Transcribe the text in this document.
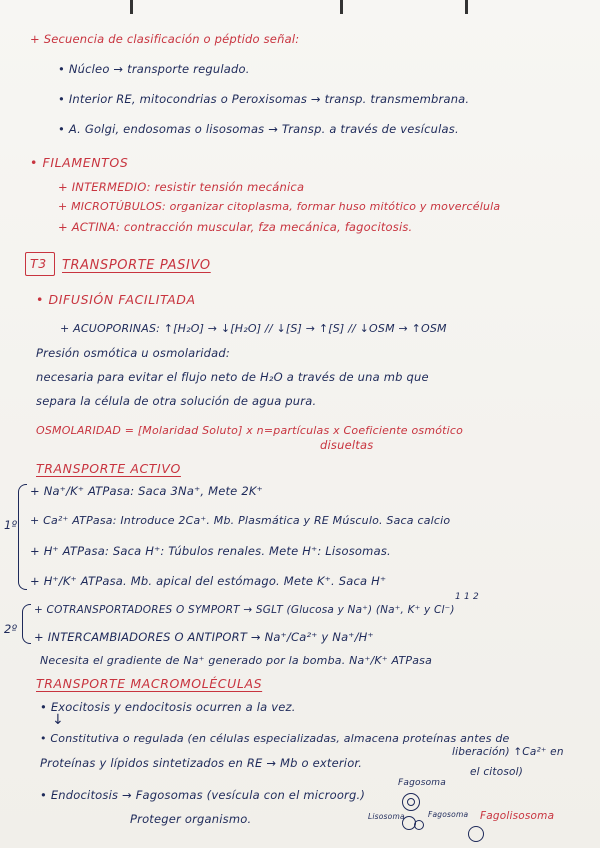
+ Secuencia de clasificación o péptido señal:
• Núcleo → transporte regulado.
• Interior RE, mitocondrias o Peroxisomas → transp. transmembrana.
• A. Golgi, endosomas o lisosomas → Transp. a través de vesículas.
• FILAMENTOS
+ INTERMEDIO: resistir tensión mecánica
+ MICROTÚBULOS: organizar citoplasma, formar huso mitótico y movercélula
+ ACTINA: contracción muscular, fza mecánica, fagocitosis.
T3 TRANSPORTE PASIVO
• DIFUSIÓN FACILITADA
+ ACUOPORINAS: ↑[H₂O] → ↓[H₂O] // ↓[S] → ↑[S] // ↓OSM → ↑OSM
Presión osmótica u osmolaridad:
necesaria para evitar el flujo neto de H₂O a través de una mb que
separa la célula de otra solución de agua pura.
OSMOLARIDAD = [Molaridad Soluto] x n=partículas x Coeficiente osmótico
disueltas
TRANSPORTE ACTIVO
1º
+ Na⁺/K⁺ ATPasa: Saca 3Na⁺, Mete 2K⁺
+ Ca²⁺ ATPasa: Introduce 2Ca⁺. Mb. Plasmática y RE Músculo. Saca calcio
+ H⁺ ATPasa: Saca H⁺: Túbulos renales. Mete H⁺: Lisosomas.
+ H⁺/K⁺ ATPasa. Mb. apical del estómago. Mete K⁺. Saca H⁺
2º
1 1 2
+ COTRANSPORTADORES O SYMPORT → SGLT (Glucosa y Na⁺) (Na⁺, K⁺ y Cl⁻)
+ INTERCAMBIADORES O ANTIPORT → Na⁺/Ca²⁺ y Na⁺/H⁺
Necesita el gradiente de Na⁺ generado por la bomba. Na⁺/K⁺ ATPasa
TRANSPORTE MACROMOLÉCULAS
• Exocitosis y endocitosis ocurren a la vez.
↓
• Constitutiva o regulada (en células especializadas, almacena proteínas antes de
Proteínas y lípidos sintetizados en RE → Mb o exterior.
liberación) ↑Ca²⁺ en
el citosol)
• Endocitosis → Fagosomas (vesícula con el microorg.)
Proteger organismo.
Fagosoma
Lisosoma	Fagosoma Fagolisosoma
